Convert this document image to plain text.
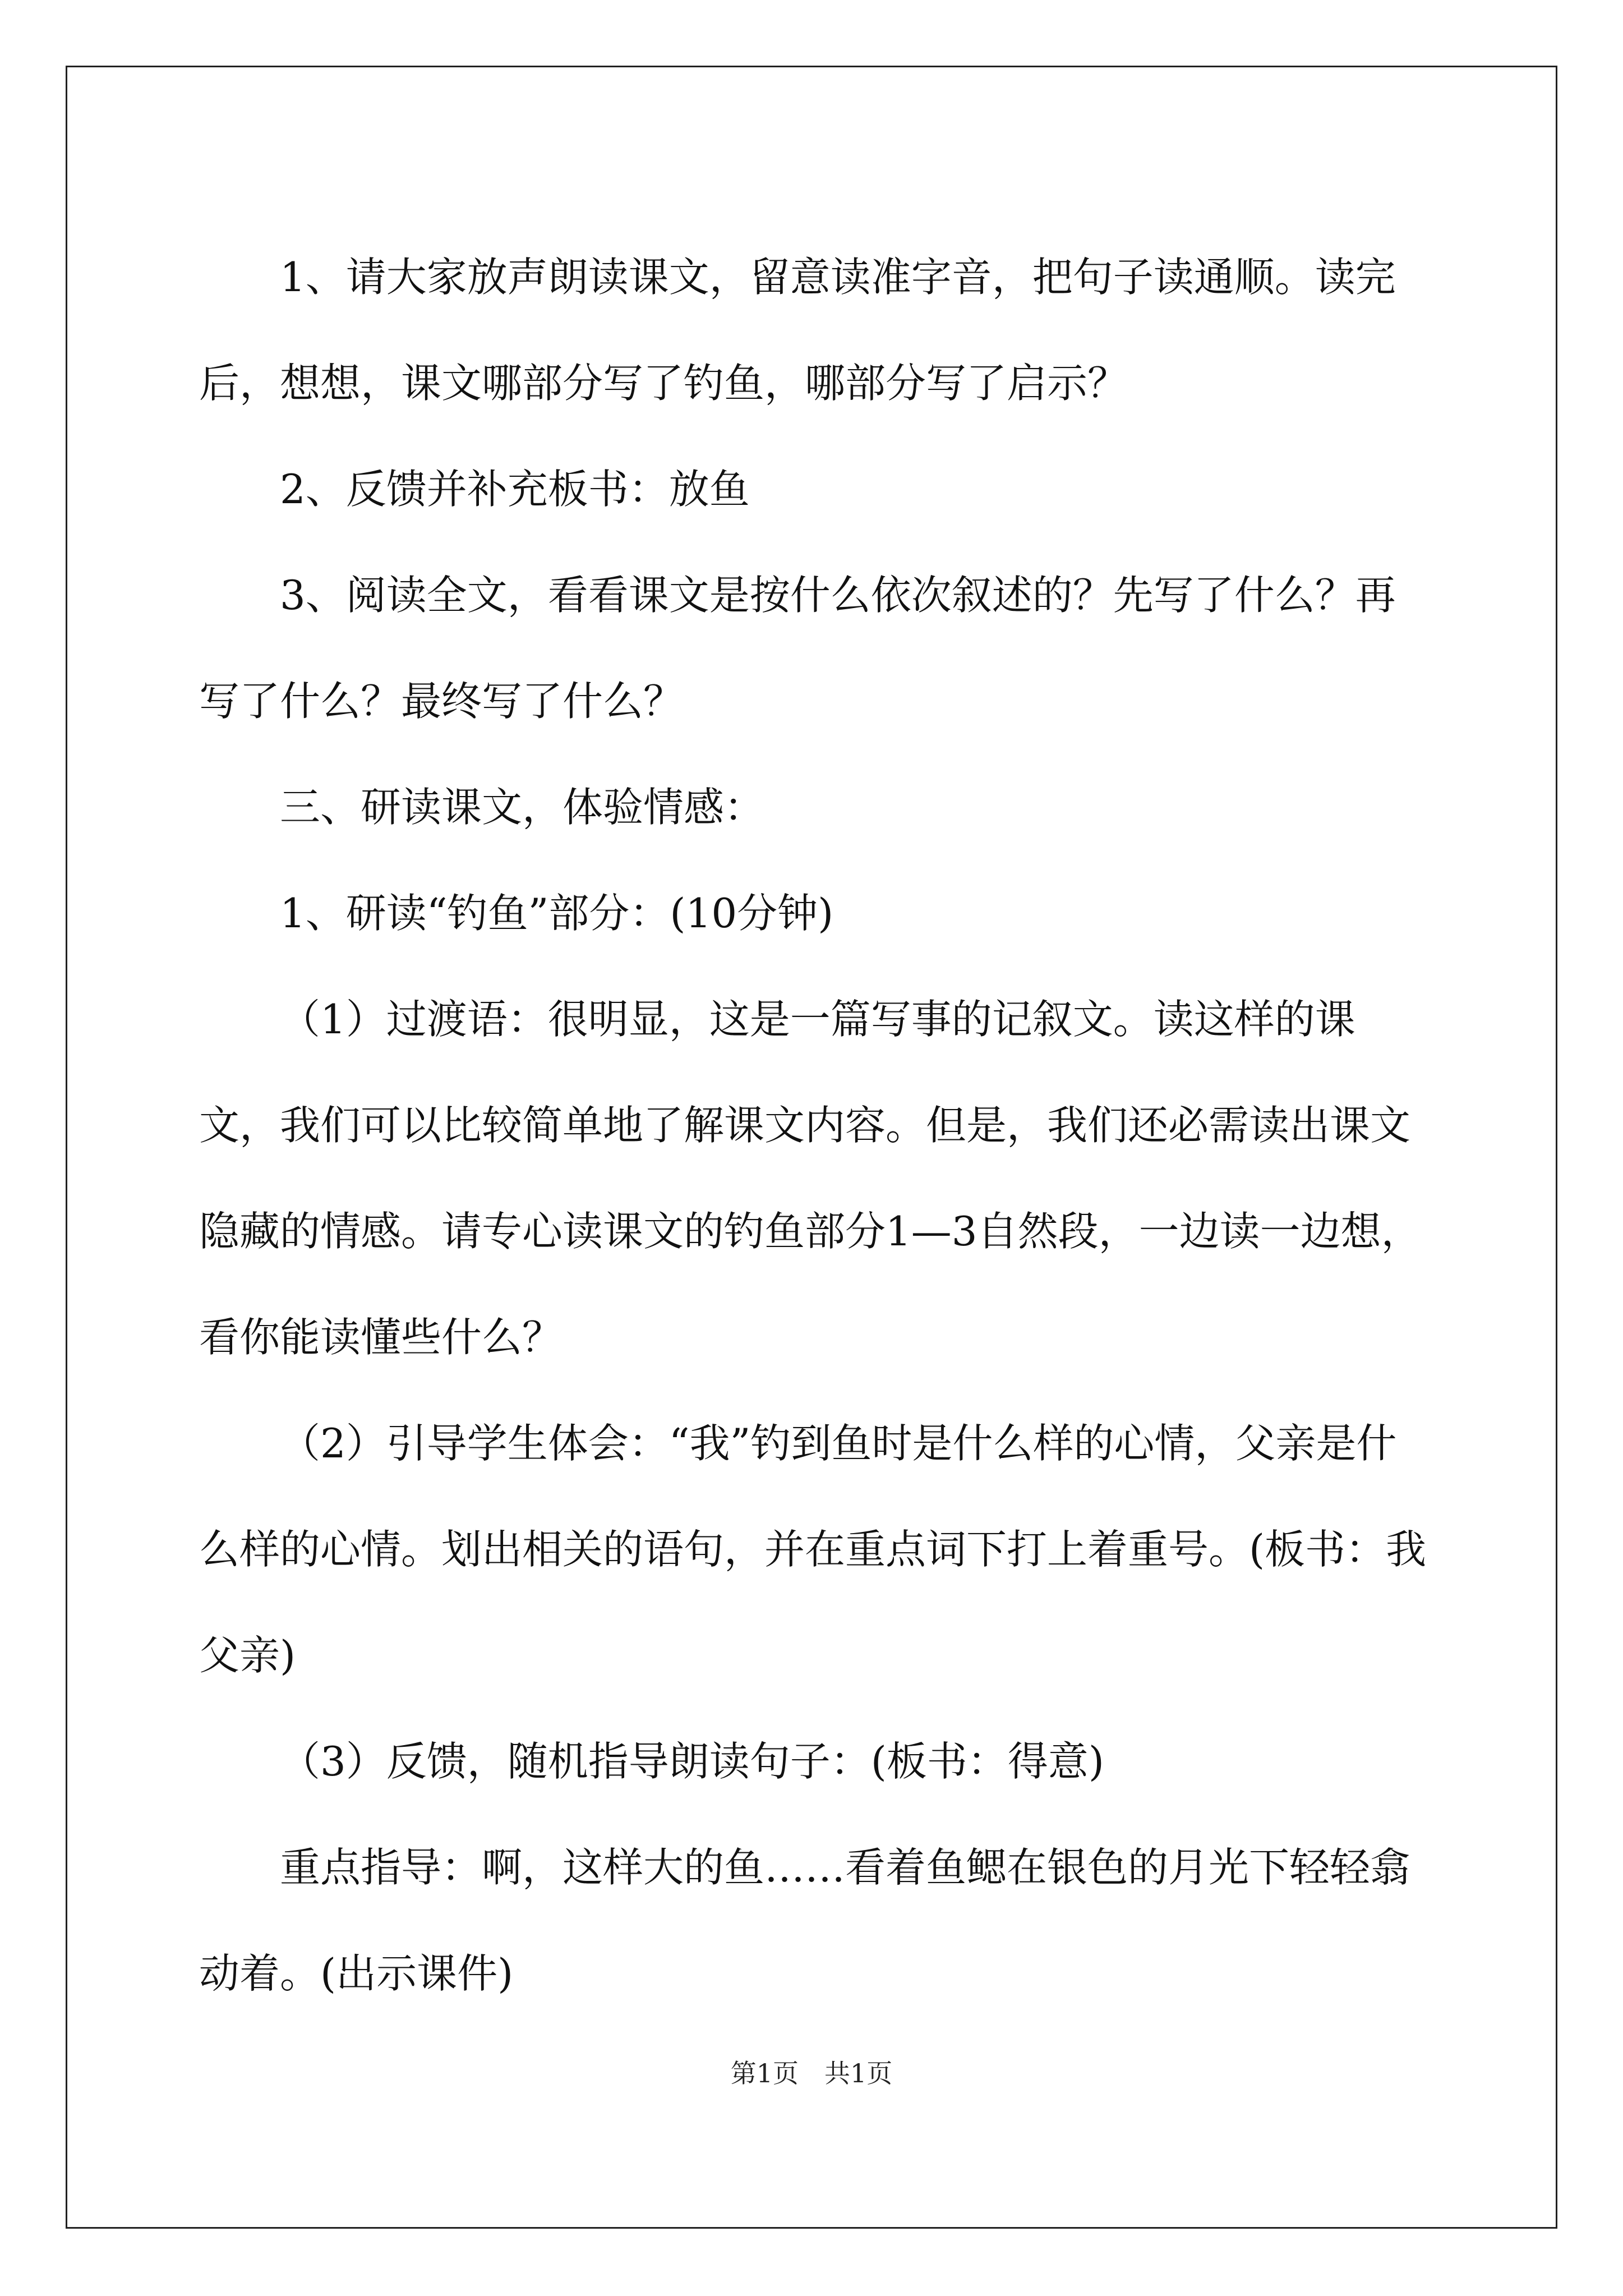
1、请大家放声朗读课文，留意读准字音，把句子读通顺。读完后，想想，课文哪部分写了钓鱼，哪部分写了启示？

2、反馈并补充板书：放鱼

3、阅读全文，看看课文是按什么依次叙述的？先写了什么？再写了什么？最终写了什么？

三、研读课文，体验情感：

1、研读“钓鱼”部分：(10分钟)

（1）过渡语：很明显，这是一篇写事的记叙文。读这样的课文，我们可以比较简单地了解课文内容。但是，我们还必需读出课文隐藏的情感。请专心读课文的钓鱼部分1—3自然段，一边读一边想，看你能读懂些什么？

（2）引导学生体会：“我”钓到鱼时是什么样的心情，父亲是什么样的心情。划出相关的语句，并在重点词下打上着重号。(板书：我父亲)

（3）反馈，随机指导朗读句子：(板书：得意)

重点指导：啊，这样大的鱼……看着鱼鳃在银色的月光下轻轻翕动着。(出示课件)

第1页　共1页
